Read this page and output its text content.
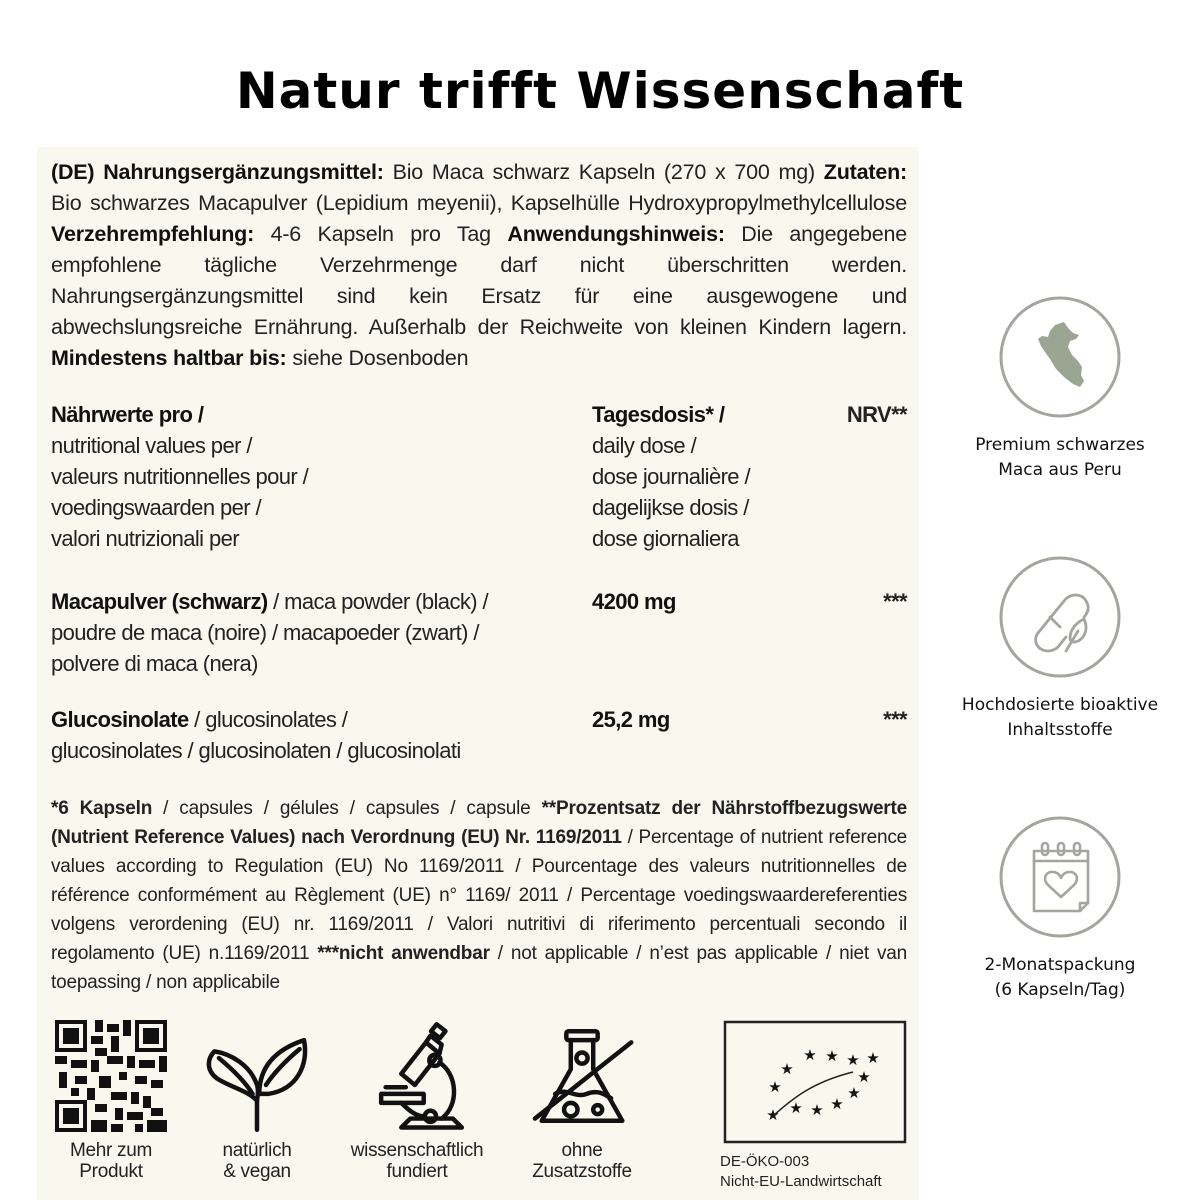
Natur trifft Wissenschaft
(DE) Nahrungsergänzungsmittel: Bio Maca schwarz Kapseln (270 x 700 mg) Zutaten: Bio schwarzes Macapulver (Lepidium meyenii), Kapselhülle Hydroxypropylmethylcellulose Verzehrempfehlung: 4-6 Kapseln pro Tag Anwendungshinweis: Die angegebene empfohlene tägliche Verzehrmenge darf nicht überschritten werden. Nahrungsergänzungsmittel sind kein Ersatz für eine ausgewogene und abwechslungsreiche Ernährung. Außerhalb der Reichweite von kleinen Kindern lagern. Mindestens haltbar bis: siehe Dosenboden
Nährwerte pro /
nutritional values per /
valeurs nutritionnelles pour /
voedingswaarden per /
valori nutrizionali per
Tagesdosis* /
daily dose /
dose journalière /
dagelijkse dosis /
dose giornaliera
NRV**
Macapulver (schwarz) / maca powder (black) /
poudre de maca (noire) / macapoeder (zwart) /
polvere di maca (nera)
4200 mg	***
Glucosinolate / glucosinolates /
glucosinolates / glucosinolaten / glucosinolati
25,2 mg	***
*6 Kapseln / capsules / gélules / capsules / capsule **Prozentsatz der Nährstoffbezugswerte (Nutrient Reference Values) nach Verordnung (EU) Nr. 1169/2011 / Percentage of nutrient reference values according to Regulation (EU) No 1169/2011 / Pourcentage des valeurs nutritionnelles de référence conformément au Règlement (UE) n° 1169/ 2011 / Percentage voedingswaardereferenties volgens verordening (EU) nr. 1169/2011 / Valori nutritivi di riferimento percentuali secondo il regolamento (UE) n.1169/2011 ***nicht anwendbar / not applicable / n’est pas applicable / niet van toepassing / non applicabile
Mehr zum
Produkt
natürlich
& vegan
wissenschaftlich
fundiert
ohne
Zusatzstoffe
★ ★ ★ ★
★
★
★
★
★
★
★
★
DE-ÖKO-003
Nicht-EU-Landwirtschaft
Premium schwarzes
Maca aus Peru
Hochdosierte bioaktive
Inhaltsstoffe
2-Monatspackung
(6 Kapseln/Tag)
